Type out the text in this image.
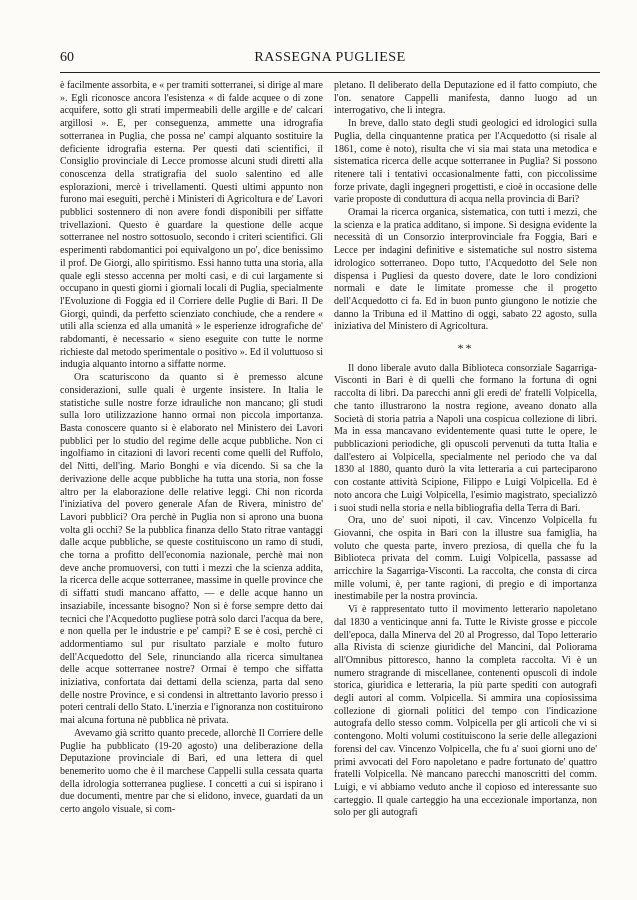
60	RASSEGNA PUGLIESE

è facilmente assorbita, e « per tramiti sotterranei, si dirige al mare ». Egli riconosce ancora l'esistenza « di falde acquee o di zone acquifere, sotto gli strati impermeabili delle argille e de' calcari argillosi ». E, per conseguenza, ammette una idrografia sotterranea in Puglia, che possa ne' campi alquanto sostituire la deficiente idrografia esterna. Per questi dati scientifici, il Consiglio provinciale di Lecce promosse alcuni studi diretti alla conoscenza della stratigrafia del suolo salentino ed alle esplorazioni, mercè i trivellamenti. Questi ultimi appunto non furono mai eseguiti, perchè i Ministeri di Agricoltura e de' Lavori pubblici sostennero di non avere fondi disponibili per siffatte trivellazioni. Questo è guardare la questione delle acque sotterranee nel nostro sottosuolo, secondo i criteri scientifici. Gli esperimenti rabdomantici poi equivalgono un po', dice benissimo il prof. De Giorgi, allo spiritismo. Essi hanno tutta una storia, alla quale egli stesso accenna per molti casi, e di cui largamente si occupano in questi giorni i giornali locali di Puglia, specialmente l'Evoluzione di Foggia ed il Corriere delle Puglie di Bari. Il De Giorgi, quindi, da perfetto scienziato conchiude, che a rendere « utili alla scienza ed alla umanità » le esperienze idrografiche de' rabdomanti, è necessario « sieno eseguite con tutte le norme richieste dal metodo sperimentale o positivo ». Ed il voluttuoso si indugia alquanto intorno a siffatte norme.

Ora scaturiscono da quanto si è premesso alcune considerazioni, sulle quali è urgente insistere. In Italia le statistiche sulle nostre forze idrauliche non mancano; gli studi sulla loro utilizzazione hanno ormai non piccola importanza. Basta conoscere quanto si è elaborato nel Ministero dei Lavori pubblici per lo studio del regime delle acque pubbliche. Non ci ingolfiamo in citazioni di lavori recenti come quelli del Ruffolo, del Nitti, dell'ing. Mario Bonghi e via dicendo. Si sa che la derivazione delle acque pubbliche ha tutta una storia, non fosse altro per la elaborazione delle relative leggi. Chi non ricorda l'iniziativa del povero generale Afan de Rivera, ministro de' Lavori pubblici? Ora perchè in Puglia non si aprono una buona volta gli occhi? Se la pubblica finanza dello Stato ritrae vantaggi dalle acque pubbliche, se queste costituiscono un ramo di studi, che torna a profitto dell'economia nazionale, perchè mai non deve anche promuoversi, con tutti i mezzi che la scienza addita, la ricerca delle acque sotterranee, massime in quelle province che di siffatti studi mancano affatto, — e delle acque hanno un insaziabile, incessante bisogno? Non si è forse sempre detto dai tecnici che l'Acquedotto pugliese potrà solo darci l'acqua da bere, e non quella per le industrie e pe' campi? E se è così, perchè ci addormentiamo sul pur risultato parziale e molto futuro dell'Acquedotto del Sele, rinunciando alla ricerca simultanea delle acque sotterranee nostre? Ormai è tempo che siffatta iniziativa, confortata dai dettami della scienza, parta dal seno delle nostre Province, e si condensi in altrettanto lavorio presso i poteri centrali dello Stato. L'inerzia e l'ignoranza non costituirono mai alcuna fortuna nè pubblica nè privata.

Avevamo già scritto quanto precede, allorchè Il Corriere delle Puglie ha pubblicato (19-20 agosto) una deliberazione della Deputazione provinciale di Bari, ed una lettera di quel benemerito uomo che è il marchese Cappelli sulla cessata quarta della idrologia sotterranea pugliese. I concetti a cui si ispirano i due documenti, mentre par che si elidono, invece, guardati da un certo angolo visuale, si com-

pletano. Il deliberato della Deputazione ed il fatto compiuto, che l'on. senatore Cappelli manifesta, danno luogo ad un interrogativo, che lì integra.

In breve, dallo stato degli studi geologici ed idrologici sulla Puglia, della cinquantenne pratica per l'Acquedotto (si risale al 1861, come è noto), risulta che vi sia mai stata una metodica e sistematica ricerca delle acque sotterranee in Puglia? Si possono ritenere tali i tentativi occasionalmente fatti, con piccolissime forze private, dagli ingegneri progettisti, e cioè in occasione delle varie proposte di conduttura di acqua nella provincia di Bari?

Oramai la ricerca organica, sistematica, con tutti i mezzi, che la scienza e la pratica additano, si impone. Si designa evidente la necessità di un Consorzio interprovinciale fra Foggia, Bari e Lecce per indagini definitive e sistematiche sul nostro sistema idrologico sotterraneo. Dopo tutto, l'Acquedotto del Sele non dispensa i Pugliesi da questo dovere, date le loro condizioni normali e date le limitate promesse che il progetto dell'Acquedotto ci fa. Ed in buon punto giungono le notizie che danno la Tribuna ed il Mattino di oggi, sabato 22 agosto, sulla iniziativa del Ministero di Agricoltura.

**

Il dono liberale avuto dalla Biblioteca consorziale Sagarriga-Visconti in Bari è di quelli che formano la fortuna di ogni raccolta di libri. Da parecchi anni gli eredi de' fratelli Volpicella, che tanto illustrarono la nostra regione, aveano donato alla Società di storia patria a Napoli una cospicua collezione di libri. Ma in essa mancavano evidentemente quasi tutte le opere, le pubblicazioni periodiche, gli opuscoli pervenuti da tutta Italia e dall'estero ai Volpicella, specialmente nel periodo che va dal 1830 al 1880, quanto durò la vita letteraria a cui parteciparono con costante attività Scipione, Filippo e Luigi Volpicella. Ed è noto ancora che Luigi Volpicella, l'esimio magistrato, specializzò i suoi studi nella storia e nella bibliografia della Terra di Bari.

Ora, uno de' suoi nipoti, il cav. Vincenzo Volpicella fu Giovanni, che ospita in Bari con la illustre sua famiglia, ha voluto che questa parte, invero preziosa, di quella che fu la Biblioteca privata del comm. Luigi Volpicella, passasse ad arricchire la Sagarriga-Visconti. La raccolta, che consta di circa mille volumi, è, per tante ragioni, di pregio e di importanza inestimabile per la nostra provincia.

Vi è rappresentato tutto il movimento letterario napoletano dal 1830 a venticinque anni fa. Tutte le Riviste grosse e piccole dell'epoca, dalla Minerva del 20 al Progresso, dal Topo letterario alla Rivista di scienze giuridiche del Mancini, dal Poliorama all'Omnibus pittoresco, hanno la completa raccolta. Vi è un numero stragrande di miscellanee, contenenti opuscoli di indole storica, giuridica e letteraria, la più parte spediti con autografi degli autori al comm. Volpicella. Si ammira una copiosissima collezione di giornali politici del tempo con l'indicazione autografa dello stesso comm. Volpicella per gli articoli che vi si contengono. Molti volumi costituiscono la serie delle allegazioni forensi del cav. Vincenzo Volpicella, che fu a' suoi giorni uno de' primi avvocati del Foro napoletano e padre fortunato de' quattro fratelli Volpicella. Nè mancano parecchi manoscritti del comm. Luigi, e vi abbiamo veduto anche il copioso ed interessante suo carteggio. Il quale carteggio ha una eccezionale importanza, non solo per gli autografi
